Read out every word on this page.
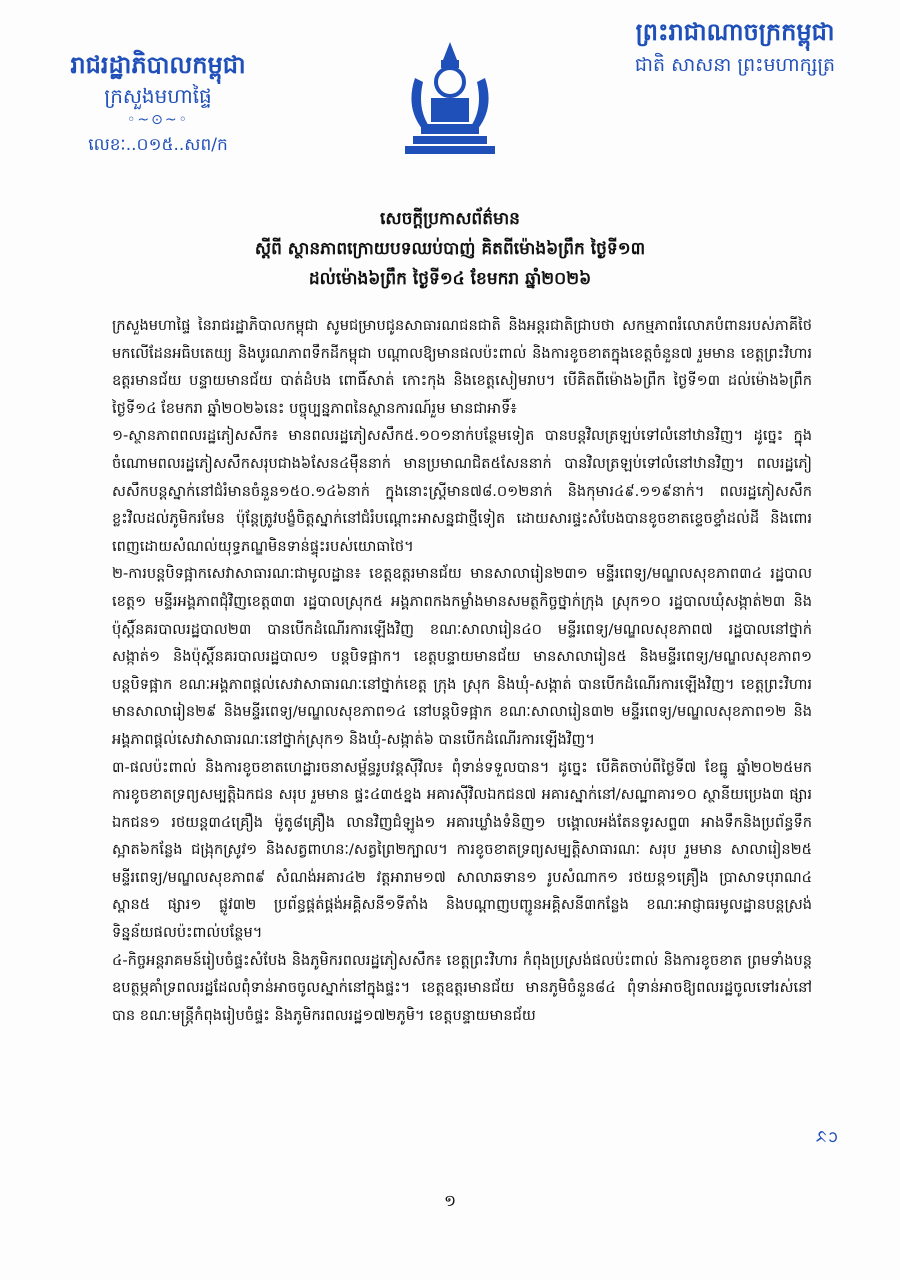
រាជរដ្ឋាភិបាលកម្ពុជា
ក្រសួងមហាផ្ទៃ
◦~⊙~◦
លេខៈ..០១៥..សព/ក
ព្រះរាជាណាចក្រកម្ពុជា
ជាតិ សាសនា ព្រះមហាក្សត្រ
សេចក្តីប្រកាសព័ត៌មាន
ស្តីពី ស្ថានភាពក្រោយបទឈប់បាញ់ គិតពីម៉ោង៦ព្រឹក ថ្ងៃទី១៣
ដល់ម៉ោង៦ព្រឹក ថ្ងៃទី១៤ ខែមករា ឆ្នាំ២០២៦

ក្រសួងមហាផ្ទៃ នៃរាជរដ្ឋាភិបាលកម្ពុជា សូមជម្រាបជូនសាធារណជនជាតិ និងអន្តរជាតិជ្រាបថា សកម្មភាពរំលោភបំពានរបស់ភាគីថៃ មកលើដែនអធិបតេយ្យ និងបូរណភាពទឹកដីកម្ពុជា បណ្តាលឱ្យមានផលប៉ះពាល់ និងការខូចខាតក្នុងខេត្តចំនួន៧ រួមមាន ខេត្តព្រះវិហារ ឧត្តរមានជ័យ បន្ទាយមានជ័យ បាត់ដំបង ពោធិ៍សាត់ កោះកុង និងខេត្តសៀមរាប។ បើគិតពីម៉ោង៦ព្រឹក ថ្ងៃទី១៣ ដល់ម៉ោង៦ព្រឹក ថ្ងៃទី១៤ ខែមករា ឆ្នាំ២០២៦នេះ បច្ចុប្បន្នភាពនៃស្ថានការណ៍រួម មានជាអាទិ៍៖

១-ស្ថានភាពពលរដ្ឋភៀសសឹក៖ មានពលរដ្ឋភៀសសឹក៥.១០១នាក់បន្ថែមទៀត បានបន្តវិលត្រឡប់ទៅលំនៅឋានវិញ។ ដូច្នេះ ក្នុងចំណោមពលរដ្ឋភៀសសឹកសរុបជាង៦សែន៤ម៉ឺននាក់ មានប្រមាណជិត៥សែននាក់ បានវិលត្រឡប់ទៅលំនៅឋានវិញ។ ពលរដ្ឋភៀសសឹកបន្តស្នាក់នៅជំរំមានចំនួន១៥០.១៤៦នាក់ ក្នុងនោះស្ត្រីមាន៧៨.០១២នាក់ និងកុមារ៤៩.១១៩នាក់។ ពលរដ្ឋភៀសសឹកខ្លះវិលដល់ភូមិករមែន ប៉ុន្តែត្រូវបង្ខំចិត្តស្នាក់នៅជំរំបណ្តោះអាសន្នជាថ្មីទៀត ដោយសារផ្ទះសំបែងបានខូចខាតខ្ទេចខ្ទាំដល់ដី និងពោរពេញដោយសំណល់យុទ្ធភណ្ឌមិនទាន់ផ្ទុះរបស់យោធាថៃ។

២-ការបន្តបិទផ្អាកសេវាសាធារណៈជាមូលដ្ឋាន៖ ខេត្តឧត្តរមានជ័យ មានសាលារៀន២៣១ មន្ទីរពេទ្យ/មណ្ឌលសុខភាព៣៤ រដ្ឋបាលខេត្ត១ មន្ទីរអង្គភាពជុំវិញខេត្ត៣៣ រដ្ឋបាលស្រុក៥ អង្គភាពកងកម្លាំងមានសមត្ថកិច្ចថ្នាក់ក្រុង ស្រុក១០ រដ្ឋបាលឃុំសង្កាត់២៣ និងប៉ុស្តិ៍នគរបាលរដ្ឋបាល២៣ បានបើកដំណើរការឡើងវិញ ខណៈសាលារៀន៤០ មន្ទីរពេទ្យ/មណ្ឌលសុខភាព៧ រដ្ឋបាលនៅថ្នាក់ សង្កាត់១ និងប៉ុស្តិ៍នគរបាលរដ្ឋបាល១ បន្តបិទផ្អាក។ ខេត្តបន្ទាយមានជ័យ មានសាលារៀន៥ និងមន្ទីរពេទ្យ/មណ្ឌលសុខភាព១ បន្តបិទផ្អាក ខណៈអង្គភាពផ្តល់សេវាសាធារណៈនៅថ្នាក់ខេត្ត ក្រុង ស្រុក និងឃុំ-សង្កាត់ បានបើកដំណើរការឡើងវិញ។ ខេត្តព្រះវិហារ មានសាលារៀន២៩ និងមន្ទីរពេទ្យ/មណ្ឌលសុខភាព១៤ នៅបន្តបិទផ្អាក ខណៈសាលារៀន៣២ មន្ទីរពេទ្យ/មណ្ឌលសុខភាព១២ និងអង្គភាពផ្តល់សេវាសាធារណៈនៅថ្នាក់ស្រុក១ និងឃុំ-សង្កាត់៦ បានបើកដំណើរការឡើងវិញ។

៣-ផលប៉ះពាល់ និងការខូចខាតហេដ្ឋារចនាសម្ព័ន្ធរូបវន្តស៊ីវិល៖ ពុំទាន់ទទួលបាន។ ដូច្នេះ បើគិតចាប់ពីថ្ងៃទី៧ ខែធ្នូ ឆ្នាំ២០២៥មក ការខូចខាតទ្រព្យសម្បត្តិឯកជន សរុប រួមមាន ផ្ទះ៤៣៥ខ្នង អគារស៊ីវិលឯកជន៧ អគារស្នាក់នៅ/សណ្ឋាគារ១០ ស្ថានីយប្រេង៣ ផ្សារឯកជន១ រថយន្ត៣៤គ្រឿង ម៉ូតូ៨គ្រឿង លានវិញជំឡូង១ អគារឃ្លាំងទំនិញ១ បង្គោលអង់តែនទូរសព្ទ៣ អាងទឹកនិងប្រព័ន្ធទឹកស្អាត៦កន្លែង ជង្រុកស្រូវ១ និងសត្វពាហនៈ/សត្វព្រៃ២ក្បាល។ ការខូចខាតទ្រព្យសម្បត្តិសាធារណៈ សរុប រួមមាន សាលារៀន២៥ មន្ទីរពេទ្យ/មណ្ឌលសុខភាព៩ សំណង់អគារ៤២ វត្តអារាម១៧ សាលាឆទាន១ រូបសំណាក១ រថយន្ត១គ្រឿង ប្រាសាទបុរាណ៤ ស្ពាន៥ ផ្សារ១ ផ្លូវ៣២ ប្រព័ន្ធផ្គត់ផ្គង់អគ្គិសនី១ទីតាំង និងបណ្តាញបញ្ជូនអគ្គិសនី៣កន្លែង ខណៈអាជ្ញាធរមូលដ្ឋានបន្តស្រង់ទិន្នន័យផលប៉ះពាល់បន្ថែម។

៤-កិច្ចអន្តរាគមន៍រៀបចំផ្ទះសំបែង និងភូមិករពលរដ្ឋភៀសសឹក៖ ខេត្តព្រះវិហារ កំពុងប្រស្រង់ផលប៉ះពាល់ និងការខូចខាត ព្រមទាំងបន្តឧបត្ថម្ភគាំទ្រពលរដ្ឋដែលពុំទាន់អាចចូលស្នាក់នៅក្នុងផ្ទះ។ ខេត្តឧត្តរមានជ័យ មានភូមិចំនួន៨៤ ពុំទាន់អាចឱ្យពលរដ្ឋចូលទៅរស់នៅបាន ខណៈមន្ត្រីកំពុងរៀបចំផ្ទះ និងភូមិករពលរដ្ឋ១៧២ភូមិ។ ខេត្តបន្ទាយមានជ័យ

ᨅᩣ
១
